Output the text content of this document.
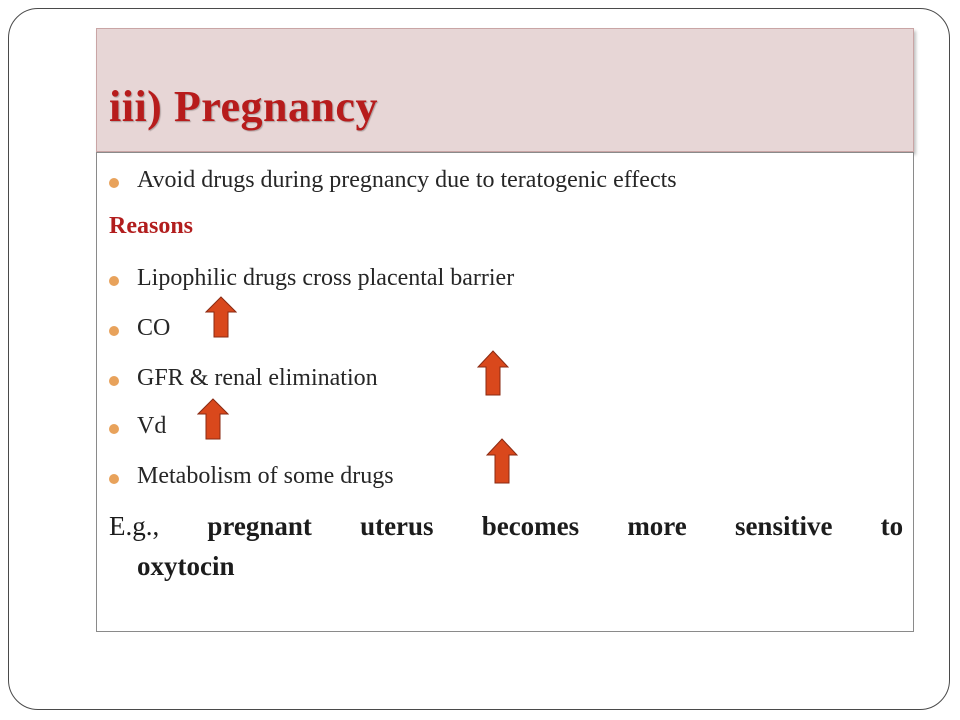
iii) Pregnancy
Avoid drugs during pregnancy due to teratogenic effects
Reasons
Lipophilic drugs cross placental barrier
CO
GFR & renal elimination
Vd
Metabolism of some drugs
E.g., pregnant uterus becomes more sensitive to
oxytocin
